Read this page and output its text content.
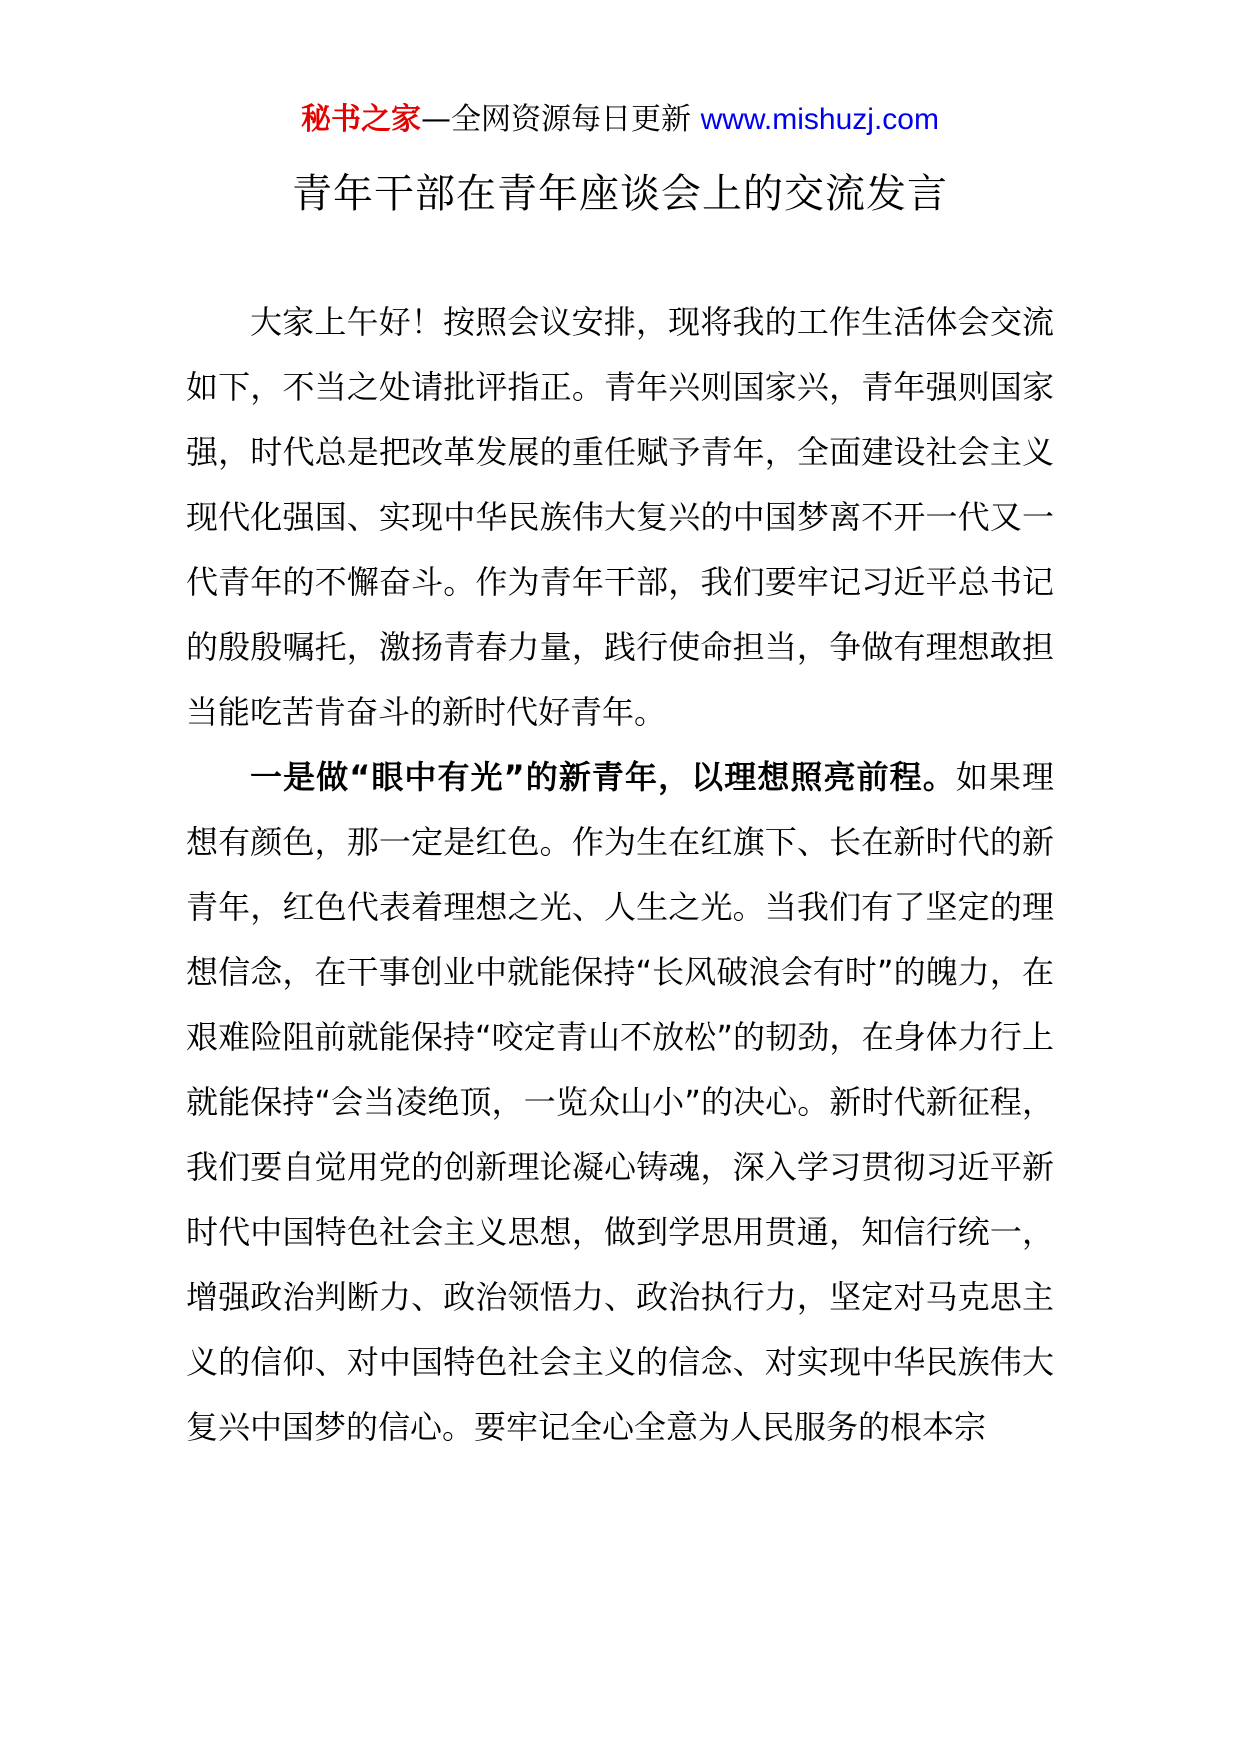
秘书之家—全网资源每日更新 www.mishuzj.com
青年干部在青年座谈会上的交流发言

大家上午好！按照会议安排，现将我的工作生活体会交流如下，不当之处请批评指正。青年兴则国家兴，青年强则国家强，时代总是把改革发展的重任赋予青年，全面建设社会主义现代化强国、实现中华民族伟大复兴的中国梦离不开一代又一代青年的不懈奋斗。作为青年干部，我们要牢记习近平总书记的殷殷嘱托，激扬青春力量，践行使命担当，争做有理想敢担当能吃苦肯奋斗的新时代好青年。

一是做“眼中有光”的新青年，以理想照亮前程。如果理想有颜色，那一定是红色。作为生在红旗下、长在新时代的新青年，红色代表着理想之光、人生之光。当我们有了坚定的理想信念，在干事创业中就能保持“长风破浪会有时”的魄力，在艰难险阻前就能保持“咬定青山不放松”的韧劲，在身体力行上就能保持“会当凌绝顶，一览众山小”的决心。新时代新征程，我们要自觉用党的创新理论凝心铸魂，深入学习贯彻习近平新时代中国特色社会主义思想，做到学思用贯通，知信行统一，增强政治判断力、政治领悟力、政治执行力，坚定对马克思主义的信仰、对中国特色社会主义的信念、对实现中华民族伟大复兴中国梦的信心。要牢记全心全意为人民服务的根本宗
